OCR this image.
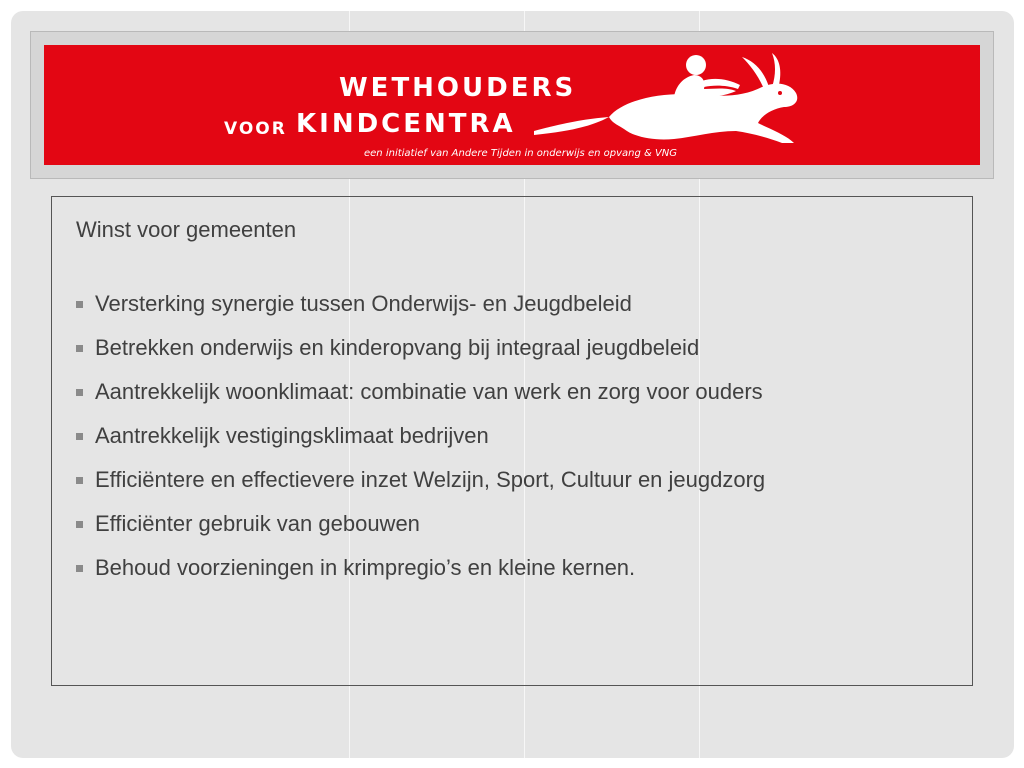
WETHOUDERS
VOOR KINDCENTRA
een initiatief van Andere Tijden in onderwijs en opvang & VNG
Winst voor gemeenten
Versterking synergie tussen Onderwijs- en Jeugdbeleid
Betrekken onderwijs en kinderopvang bij integraal jeugdbeleid
Aantrekkelijk woonklimaat: combinatie van werk en zorg voor ouders
Aantrekkelijk vestigingsklimaat bedrijven
Efficiëntere en effectievere inzet Welzijn, Sport, Cultuur en jeugdzorg
Efficiënter gebruik van gebouwen
Behoud voorzieningen in krimpregio’s en kleine kernen.
